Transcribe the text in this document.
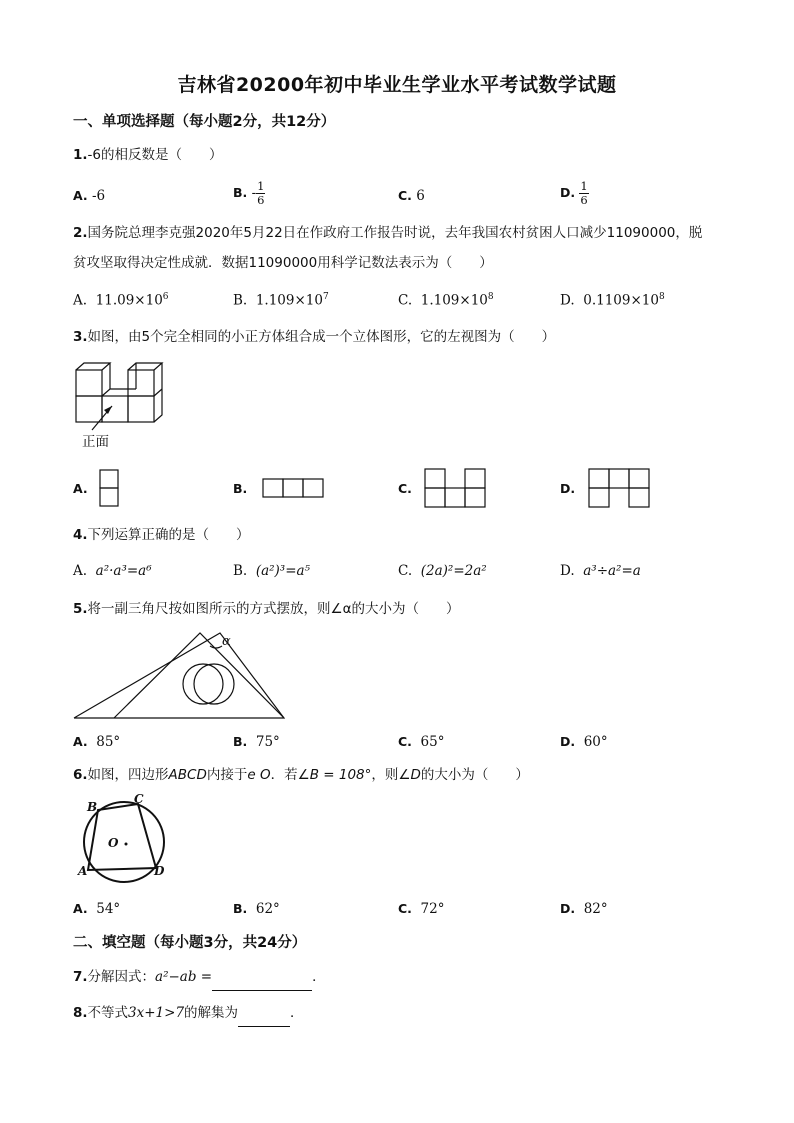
吉林省20200年初中毕业生学业水平考试数学试题
一、单项选择题（每小题2分，共12分）
1.-6的相反数是（　　）
A. -6	B. - $\frac{1}{6}$	C. 6	D. $\frac{1}{6}$
2.国务院总理李克强2020年5月22日在作政府工作报告时说，去年我国农村贫困人口减少11090000，脱
贫攻坚取得决定性成就．数据11090000用科学记数法表示为（　　）
A. $11.09\times 10^6$	B. $1.109\times 10^7$	C. $1.109\times 10^8$	D. $0.1109\times 10^8$
3.如图，由5个完全相同的小正方体组合成一个立体图形，它的左视图为（　　）
正面
A.	B.	C.	D.
4.下列运算正确的是（　　）
A. a²·a³=a⁶	B. (a²)³=a⁵	C. (2a)²=2a²	D. a³÷a²=a
5.将一副三角尺按如图所示的方式摆放，则∠α的大小为（　　）
α
A. 85°	B. 75°	C. 65°	D. 60°
6.如图，四边形ABCD内接于e O．若∠B = 108°，则∠D的大小为（　　）
B
C
O
A	D
A. 54°	B. 62°	C. 72°	D. 82°
二、填空题（每小题3分，共24分）
7.分解因式：a²−ab =	．
8.不等式3x+1>7的解集为	．
